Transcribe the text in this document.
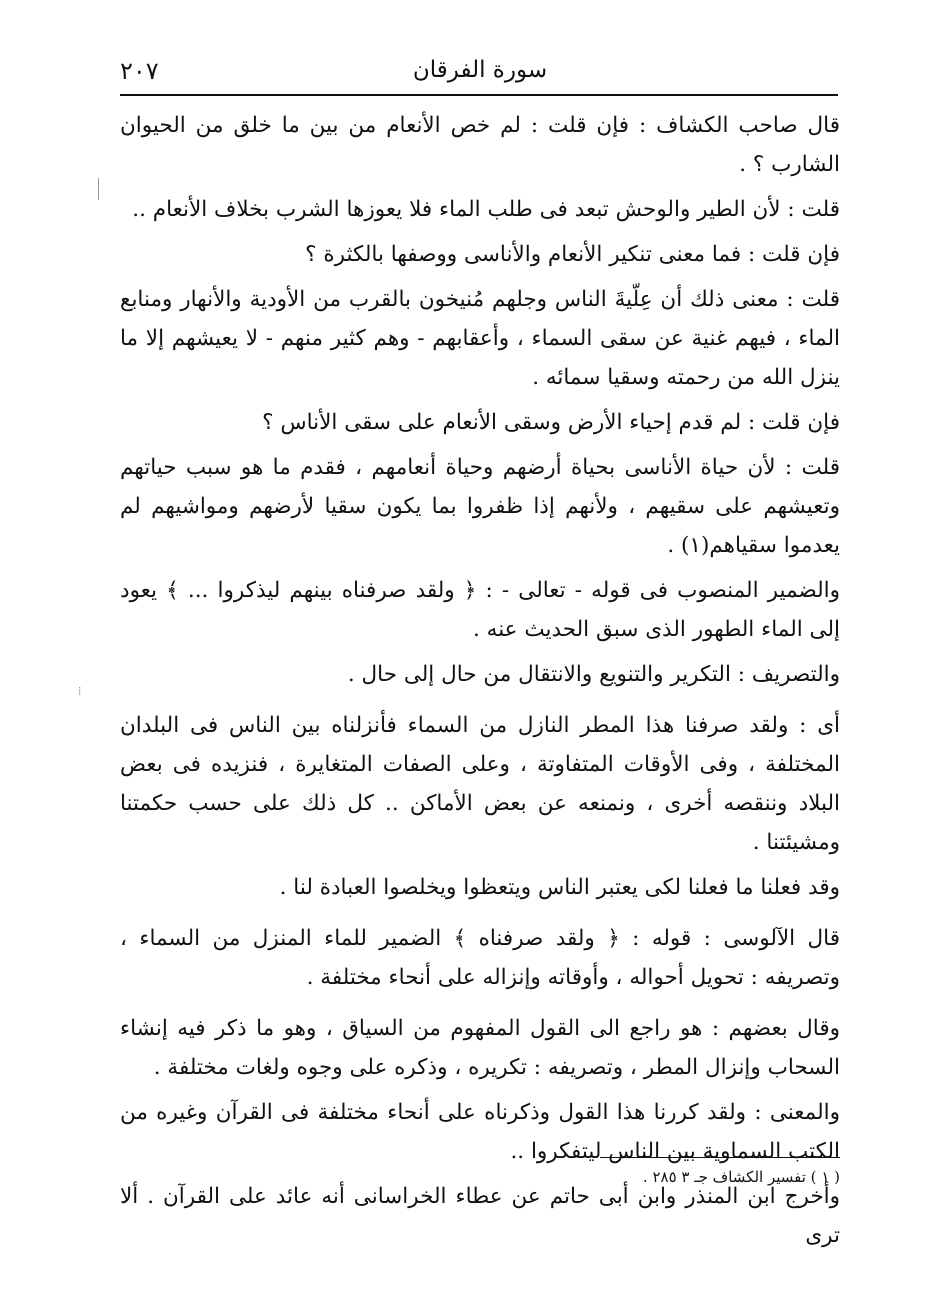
سورة الفرقان
٢٠٧

قال صاحب الكشاف : فإن قلت : لم خص الأنعام من بين ما خلق من الحيوان الشارب ؟ .

قلت : لأن الطير والوحش تبعد فى طلب الماء فلا يعوزها الشرب بخلاف الأنعام ..

فإن قلت : فما معنى تنكير الأنعام والأناسى ووصفها بالكثرة ؟

قلت : معنى ذلك أن عِلّيةَ الناس وجلهم مُنيخون بالقرب من الأودية والأنهار ومنابع الماء ، فيهم غنية عن سقى السماء ، وأعقابهم - وهم كثير منهم - لا يعيشهم إلا ما ينزل الله من رحمته وسقيا سمائه .

فإن قلت : لم قدم إحياء الأرض وسقى الأنعام على سقى الأناس ؟

قلت : لأن حياة الأناسى بحياة أرضهم وحياة أنعامهم ، فقدم ما هو سبب حياتهم وتعيشهم على سقيهم ، ولأنهم إذا ظفروا بما يكون سقيا لأرضهم ومواشيهم لم يعدموا سقياهم(١) .

والضمير المنصوب فى قوله - تعالى - : ﴿ ولقد صرفناه بينهم ليذكروا ... ﴾ يعود إلى الماء الطهور الذى سبق الحديث عنه .

والتصريف : التكرير والتنويع والانتقال من حال إلى حال .

أى : ولقد صرفنا هذا المطر النازل من السماء فأنزلناه بين الناس فى البلدان المختلفة ، وفى الأوقات المتفاوتة ، وعلى الصفات المتغايرة ، فنزيده فى بعض البلاد وننقصه أخرى ، ونمنعه عن بعض الأماكن .. كل ذلك على حسب حكمتنا ومشيئتنا .

وقد فعلنا ما فعلنا لكى يعتبر الناس ويتعظوا ويخلصوا العبادة لنا .

قال الآلوسى : قوله : ﴿ ولقد صرفناه ﴾ الضمير للماء المنزل من السماء ، وتصريفه : تحويل أحواله ، وأوقاته وإنزاله على أنحاء مختلفة .

وقال بعضهم : هو راجع الى القول المفهوم من السياق ، وهو ما ذكر فيه إنشاء السحاب وإنزال المطر ، وتصريفه : تكريره ، وذكره على وجوه ولغات مختلفة .

والمعنى : ولقد كررنا هذا القول وذكرناه على أنحاء مختلفة فى القرآن وغيره من الكتب السماوية بين الناس ليتفكروا ..

وأخرج ابن المنذر وابن أبى حاتم عن عطاء الخراسانى أنه عائد على القرآن . ألا ترى

( ١ ) تفسير الكشاف جـ ٣ ٢٨٥ .
⁞
